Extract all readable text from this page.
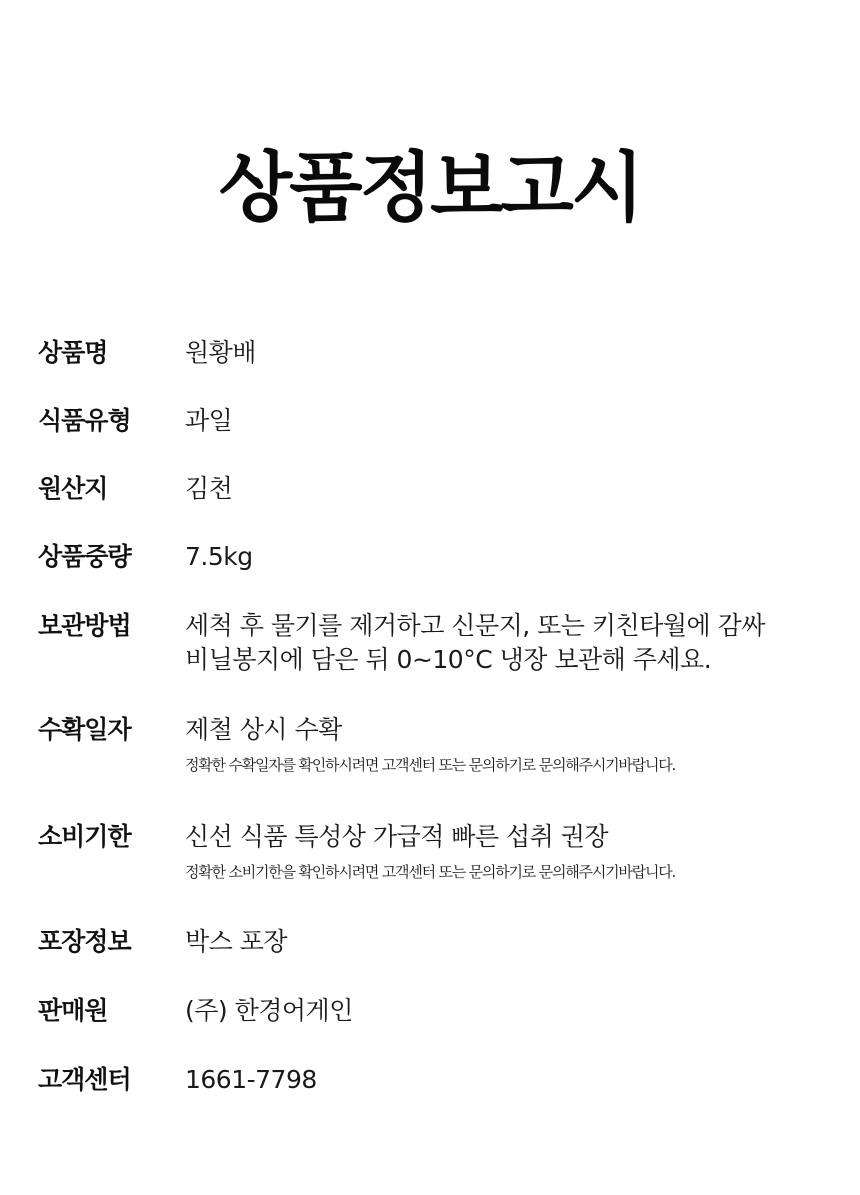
상품정보고시
상품명	원황배
식품유형	과일
원산지	김천
상품중량	7.5kg
보관방법	세척 후 물기를 제거하고 신문지, 또는 키친타월에 감싸
비닐봉지에 담은 뒤 0~10°C 냉장 보관해 주세요.
수확일자	제철 상시 수확
정확한 수확일자를 확인하시려면 고객센터 또는 문의하기로 문의해주시기바랍니다.
소비기한	신선 식품 특성상 가급적 빠른 섭취 권장
정확한 소비기한을 확인하시려면 고객센터 또는 문의하기로 문의해주시기바랍니다.
포장정보	박스 포장
판매원	(주) 한경어게인
고객센터	1661-7798
